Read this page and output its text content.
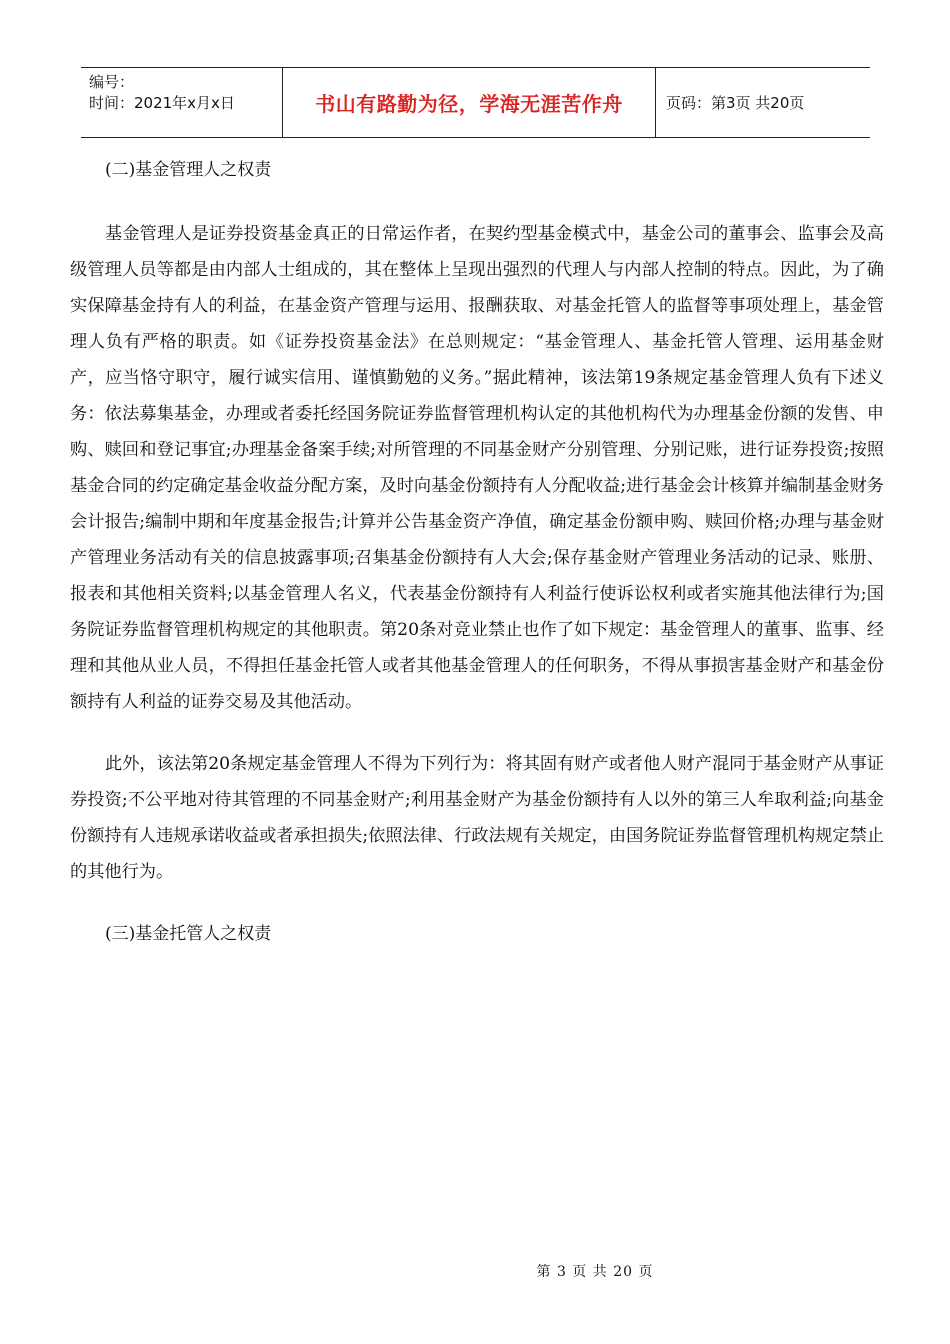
编号：
时间：2021年x月x日	书山有路勤为径，学海无涯苦作舟	页码：第3页 共20页

(二)基金管理人之权责

基金管理人是证券投资基金真正的日常运作者，在契约型基金模式中，基金公司的董事会、监事会及高级管理人员等都是由内部人士组成的，其在整体上呈现出强烈的代理人与内部人控制的特点。因此，为了确实保障基金持有人的利益，在基金资产管理与运用、报酬获取、对基金托管人的监督等事项处理上，基金管理人负有严格的职责。如《证券投资基金法》在总则规定：“基金管理人、基金托管人管理、运用基金财产，应当恪守职守，履行诚实信用、谨慎勤勉的义务。”据此精神，该法第19条规定基金管理人负有下述义务：依法募集基金，办理或者委托经国务院证券监督管理机构认定的其他机构代为办理基金份额的发售、申购、赎回和登记事宜;办理基金备案手续;对所管理的不同基金财产分别管理、分别记账，进行证券投资;按照基金合同的约定确定基金收益分配方案，及时向基金份额持有人分配收益;进行基金会计核算并编制基金财务会计报告;编制中期和年度基金报告;计算并公告基金资产净值，确定基金份额申购、赎回价格;办理与基金财产管理业务活动有关的信息披露事项;召集基金份额持有人大会;保存基金财产管理业务活动的记录、账册、报表和其他相关资料;以基金管理人名义，代表基金份额持有人利益行使诉讼权利或者实施其他法律行为;国务院证券监督管理机构规定的其他职责。第20条对竞业禁止也作了如下规定：基金管理人的董事、监事、经理和其他从业人员，不得担任基金托管人或者其他基金管理人的任何职务，不得从事损害基金财产和基金份额持有人利益的证券交易及其他活动。

此外，该法第20条规定基金管理人不得为下列行为：将其固有财产或者他人财产混同于基金财产从事证券投资;不公平地对待其管理的不同基金财产;利用基金财产为基金份额持有人以外的第三人牟取利益;向基金份额持有人违规承诺收益或者承担损失;依照法律、行政法规有关规定，由国务院证券监督管理机构规定禁止的其他行为。

(三)基金托管人之权责

第 3 页 共 20 页
